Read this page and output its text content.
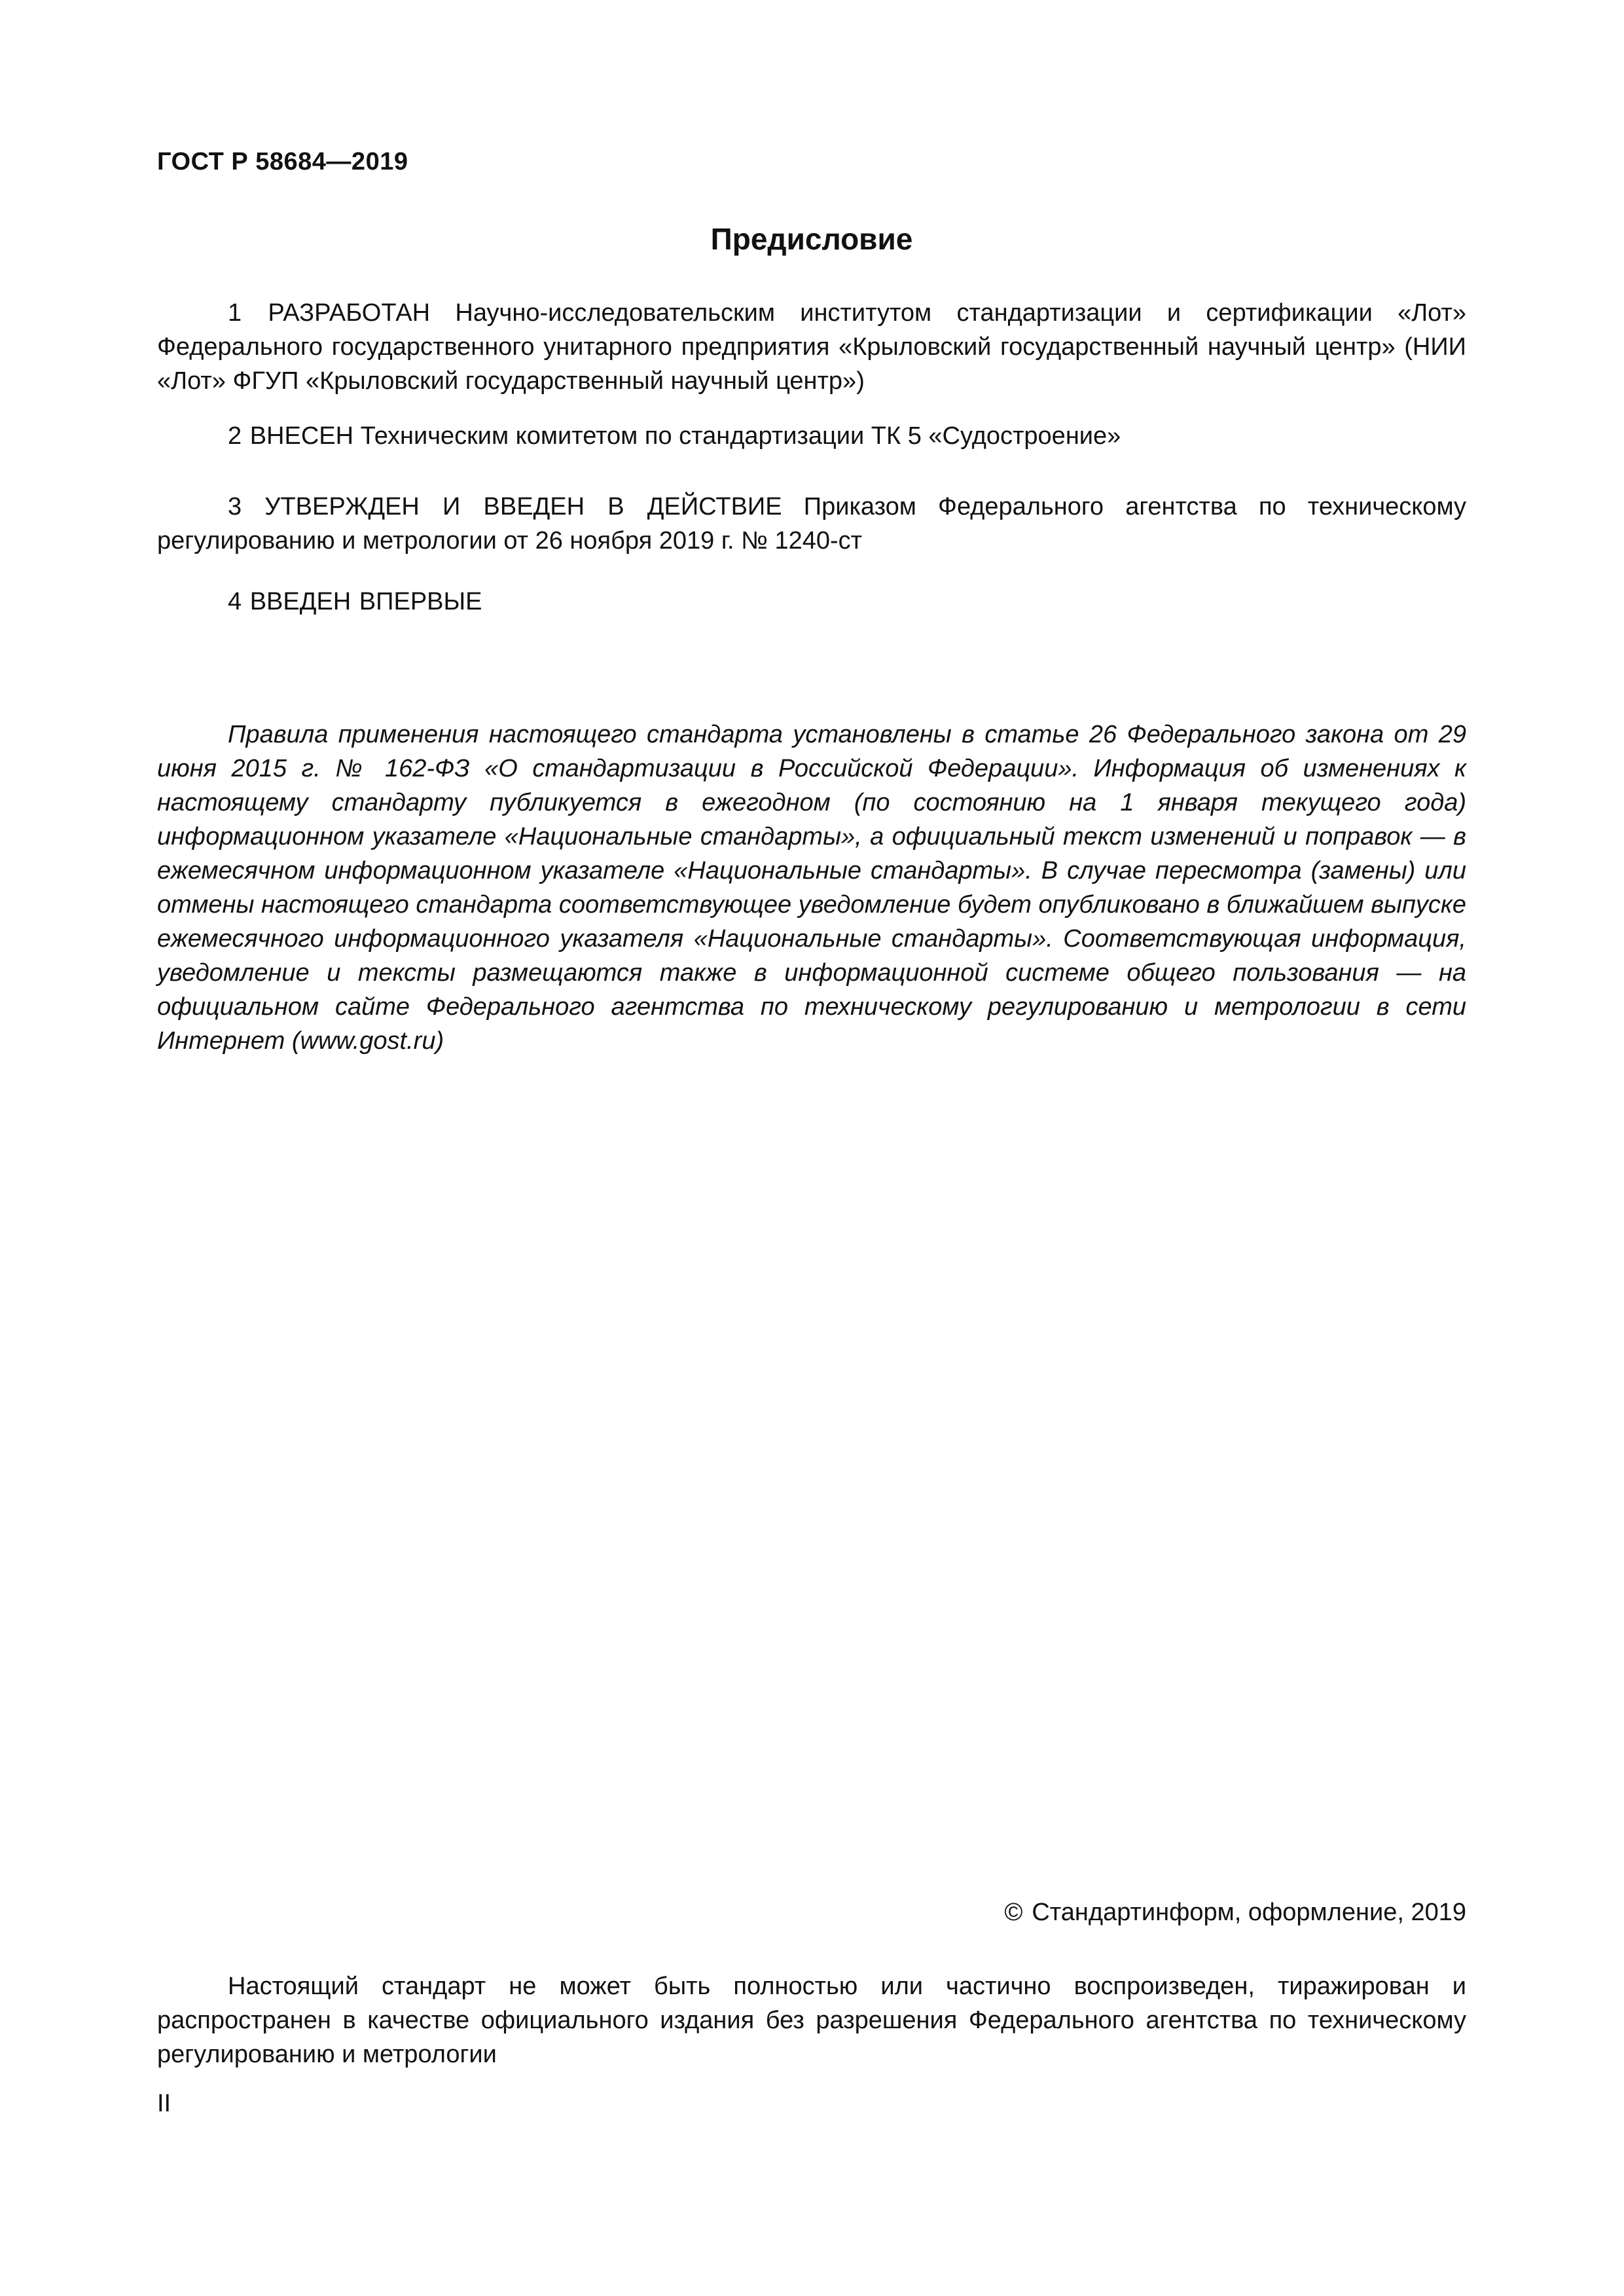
ГОСТ Р 58684—2019
Предисловие

1 РАЗРАБОТАН Научно-исследовательским институтом стандартизации и сертификации «Лот» Федерального государственного унитарного предприятия «Крыловский государственный научный центр» (НИИ «Лот» ФГУП «Крыловский государственный научный центр»)

2 ВНЕСЕН Техническим комитетом по стандартизации ТК 5 «Судостроение»

3 УТВЕРЖДЕН И ВВЕДЕН В ДЕЙСТВИЕ Приказом Федерального агентства по техническому регулированию и метрологии от 26 ноября 2019 г. № 1240-ст

4 ВВЕДЕН ВПЕРВЫЕ

Правила применения настоящего стандарта установлены в статье 26 Федерального закона от 29 июня 2015 г. № 162-ФЗ «О стандартизации в Российской Федерации». Информация об изменениях к настоящему стандарту публикуется в ежегодном (по состоянию на 1 января текущего года) информационном указателе «Национальные стандарты», а официальный текст изменений и поправок — в ежемесячном информационном указателе «Национальные стандарты». В случае пересмотра (замены) или отмены настоящего стандарта соответствующее уведомление будет опубликовано в ближайшем выпуске ежемесячного информационного указателя «Национальные стандарты». Соответствующая информация, уведомление и тексты размещаются также в информационной системе общего пользования — на официальном сайте Федерального агентства по техническому регулированию и метрологии в сети Интернет (www.gost.ru)

© Стандартинформ, оформление, 2019

Настоящий стандарт не может быть полностью или частично воспроизведен, тиражирован и распространен в качестве официального издания без разрешения Федерального агентства по техническому регулированию и метрологии

II
